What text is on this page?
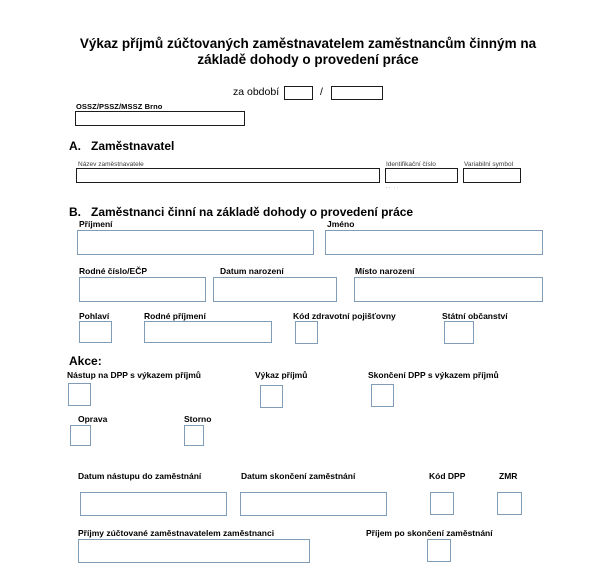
Výkaz příjmů zúčtovaných zaměstnavatelem zaměstnancům činným na základě dohody o provedení práce
za období	/
OSSZ/PSSZ/MSSZ Brno
A. Zaměstnavatel
Název zaměstnavatele	Identifikační číslo	Variabilní symbol
-· ··
B. Zaměstnanci činní na základě dohody o provedení práce
Příjmení	Jméno
Rodné číslo/EČP	Datum narození	Místo narození
Pohlaví	Rodné příjmení	Kód zdravotní pojišťovny	Státní občanství
Akce:
Nástup na DPP s výkazem příjmů	Výkaz příjmů	Skončení DPP s výkazem příjmů
Oprava	Storno
Datum nástupu do zaměstnání	Datum skončení zaměstnání	Kód DPP	ZMR
Příjmy zúčtované zaměstnavatelem zaměstnanci	Příjem po skončení zaměstnání
